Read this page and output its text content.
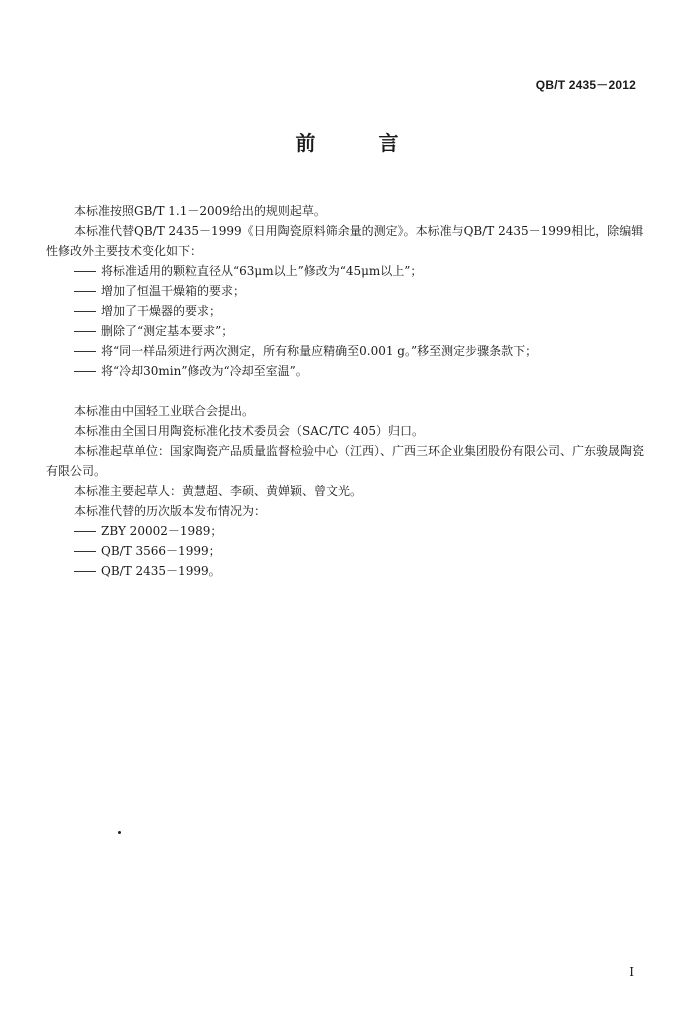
QB/T 2435－2012
前 言

本标准按照GB/T 1.1－2009给出的规则起草。

本标准代替QB/T 2435－1999《日用陶瓷原料筛余量的测定》。本标准与QB/T 2435－1999相比，除编辑性修改外主要技术变化如下：

将标准适用的颗粒直径从“63μm以上”修改为“45μm以上”；
增加了恒温干燥箱的要求；
增加了干燥器的要求；
删除了“测定基本要求”；
将“同一样品须进行两次测定，所有称量应精确至0.001 g。”移至测定步骤条款下；
将“冷却30min”修改为“冷却至室温”。

本标准由中国轻工业联合会提出。

本标准由全国日用陶瓷标准化技术委员会（SAC/TC 405）归口。

本标准起草单位：国家陶瓷产品质量监督检验中心（江西）、广西三环企业集团股份有限公司、广东骏晟陶瓷有限公司。

本标准主要起草人：黄慧超、李硕、黄婵颖、曾文光。

本标准代替的历次版本发布情况为：

ZBY 20002－1989；
QB/T 3566－1999；
QB/T 2435－1999。
I
